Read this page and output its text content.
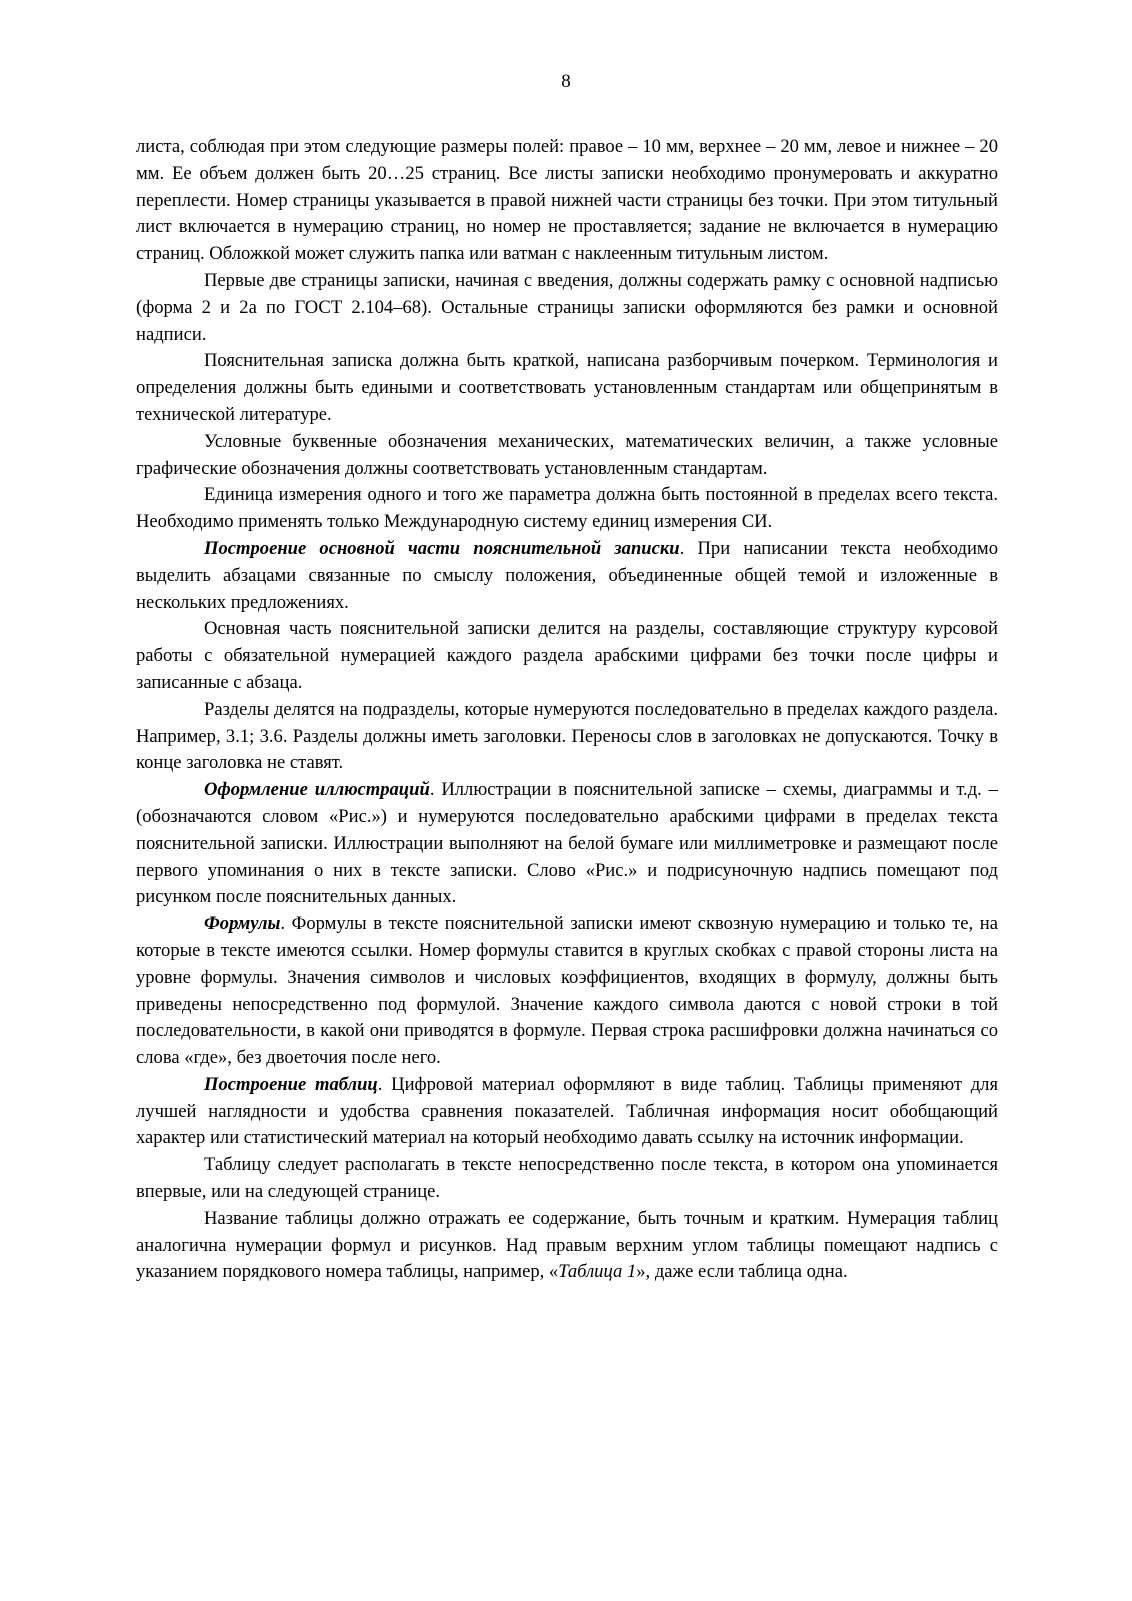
8

листа, соблюдая при этом следующие размеры полей: правое – 10 мм, верхнее – 20 мм, левое и нижнее – 20 мм. Ее объем должен быть 20…25 страниц. Все листы записки необходимо пронумеровать и аккуратно переплести. Номер страницы указывается в правой нижней части страницы без точки. При этом титульный лист включается в нумерацию страниц, но номер не проставляется; задание не включается в нумерацию страниц. Обложкой может служить папка или ватман с наклеенным титульным листом.

Первые две страницы записки, начиная с введения, должны содержать рамку с основной надписью (форма 2 и 2а по ГОСТ 2.104–68). Остальные страницы записки оформляются без рамки и основной надписи.

Пояснительная записка должна быть краткой, написана разборчивым почерком. Терминология и определения должны быть едиными и соответствовать установленным стандартам или общепринятым в технической литературе.

Условные буквенные обозначения механических, математических величин, а также условные графические обозначения должны соответствовать установленным стандартам.

Единица измерения одного и того же параметра должна быть постоянной в пределах всего текста. Необходимо применять только Международную систему единиц измерения СИ.

Построение основной части пояснительной записки. При написании текста необходимо выделить абзацами связанные по смыслу положения, объединенные общей темой и изложенные в нескольких предложениях.

Основная часть пояснительной записки делится на разделы, составляющие структуру курсовой работы с обязательной нумерацией каждого раздела арабскими цифрами без точки после цифры и записанные с абзаца.

Разделы делятся на подразделы, которые нумеруются последовательно в пределах каждого раздела. Например, 3.1; 3.6. Разделы должны иметь заголовки. Переносы слов в заголовках не допускаются. Точку в конце заголовка не ставят.

Оформление иллюстраций. Иллюстрации в пояснительной записке – схемы, диаграммы и т.д. – (обозначаются словом «Рис.») и нумеруются последовательно арабскими цифрами в пределах текста пояснительной записки. Иллюстрации выполняют на белой бумаге или миллиметровке и размещают после первого упоминания о них в тексте записки. Слово «Рис.» и подрисуночную надпись помещают под рисунком после пояснительных данных.

Формулы. Формулы в тексте пояснительной записки имеют сквозную нумерацию и только те, на которые в тексте имеются ссылки. Номер формулы ставится в круглых скобках с правой стороны листа на уровне формулы. Значения символов и числовых коэффициентов, входящих в формулу, должны быть приведены непосредственно под формулой. Значение каждого символа даются с новой строки в той последовательности, в какой они приводятся в формуле. Первая строка расшифровки должна начинаться со слова «где», без двоеточия после него.

Построение таблиц. Цифровой материал оформляют в виде таблиц. Таблицы применяют для лучшей наглядности и удобства сравнения показателей. Табличная информация носит обобщающий характер или статистический материал на который необходимо давать ссылку на источник информации.

Таблицу следует располагать в тексте непосредственно после текста, в котором она упоминается впервые, или на следующей странице.

Название таблицы должно отражать ее содержание, быть точным и кратким. Нумерация таблиц аналогична нумерации формул и рисунков. Над правым верхним углом таблицы помещают надпись с указанием порядкового номера таблицы, например, «Таблица 1», даже если таблица одна.
